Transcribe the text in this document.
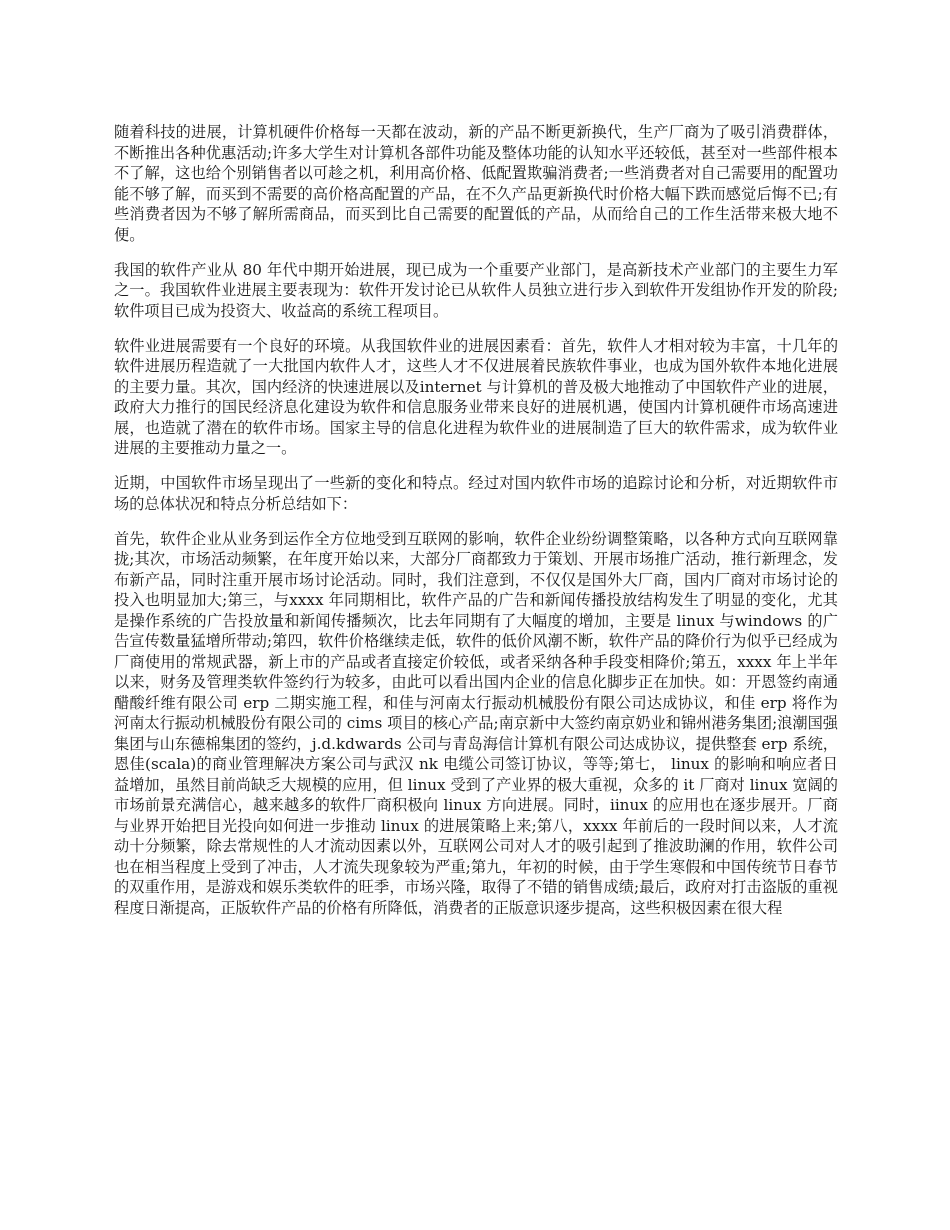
随着科技的进展，计算机硬件价格每一天都在波动，新的产品不断更新换代，生产厂商为了吸引消费群体，不断推出各种优惠活动;许多大学生对计算机各部件功能及整体功能的认知水平还较低，甚至对一些部件根本不了解，这也给个别销售者以可趁之机，利用高价格、低配置欺骗消费者;一些消费者对自己需要用的配置功能不够了解，而买到不需要的高价格高配置的产品，在不久产品更新换代时价格大幅下跌而感觉后悔不已;有些消费者因为不够了解所需商品，而买到比自己需要的配置低的产品，从而给自己的工作生活带来极大地不便。

我国的软件产业从 80 年代中期开始进展，现已成为一个重要产业部门，是高新技术产业部门的主要生力军之一。我国软件业进展主要表现为：软件开发讨论已从软件人员独立进行步入到软件开发组协作开发的阶段;软件项目已成为投资大、收益高的系统工程项目。

软件业进展需要有一个良好的环境。从我国软件业的进展因素看：首先，软件人才相对较为丰富，十几年的软件进展历程造就了一大批国内软件人才，这些人才不仅进展着民族软件事业，也成为国外软件本地化进展的主要力量。其次，国内经济的快速进展以及internet 与计算机的普及极大地推动了中国软件产业的进展，政府大力推行的国民经济息化建设为软件和信息服务业带来良好的进展机遇，使国内计算机硬件市场高速进展，也造就了潜在的软件市场。国家主导的信息化进程为软件业的进展制造了巨大的软件需求，成为软件业进展的主要推动力量之一。

近期，中国软件市场呈现出了一些新的变化和特点。经过对国内软件市场的追踪讨论和分析，对近期软件市场的总体状况和特点分析总结如下：

首先，软件企业从业务到运作全方位地受到互联网的影响，软件企业纷纷调整策略，以各种方式向互联网靠拢;其次，市场活动频繁，在年度开始以来，大部分厂商都致力于策划、开展市场推广活动，推行新理念，发布新产品，同时注重开展市场讨论活动。同时，我们注意到，不仅仅是国外大厂商，国内厂商对市场讨论的投入也明显加大;第三，与xxxx 年同期相比，软件产品的广告和新闻传播投放结构发生了明显的变化，尤其是操作系统的广告投放量和新闻传播频次，比去年同期有了大幅度的增加，主要是 linux 与windows 的广告宣传数量猛增所带动;第四，软件价格继续走低，软件的低价风潮不断，软件产品的降价行为似乎已经成为厂商使用的常规武器，新上市的产品或者直接定价较低，或者采纳各种手段变相降价;第五，xxxx 年上半年以来，财务及管理类软件签约行为较多，由此可以看出国内企业的信息化脚步正在加快。如：开恩签约南通醋酸纤维有限公司 erp 二期实施工程，和佳与河南太行振动机械股份有限公司达成协议，和佳 erp 将作为河南太行振动机械股份有限公司的 cims 项目的核心产品;南京新中大签约南京奶业和锦州港务集团;浪潮国强集团与山东德棉集团的签约，j.d.kdwards 公司与青岛海信计算机有限公司达成协议，提供整套 erp 系统，恩佳(scala)的商业管理解决方案公司与武汉 nk 电缆公司签订协议，等等;第七， linux 的影响和响应者日益增加，虽然目前尚缺乏大规模的应用，但 linux 受到了产业界的极大重视，众多的 it 厂商对 linux 宽阔的市场前景充满信心，越来越多的软件厂商积极向 linux 方向进展。同时，iinux 的应用也在逐步展开。厂商与业界开始把目光投向如何进一步推动 linux 的进展策略上来;第八，xxxx 年前后的一段时间以来，人才流动十分频繁，除去常规性的人才流动因素以外，互联网公司对人才的吸引起到了推波助澜的作用，软件公司也在相当程度上受到了冲击，人才流失现象较为严重;第九，年初的时候，由于学生寒假和中国传统节日春节的双重作用，是游戏和娱乐类软件的旺季，市场兴隆，取得了不错的销售成绩;最后，政府对打击盗版的重视程度日渐提高，正版软件产品的价格有所降低，消费者的正版意识逐步提高，这些积极因素在很大程
